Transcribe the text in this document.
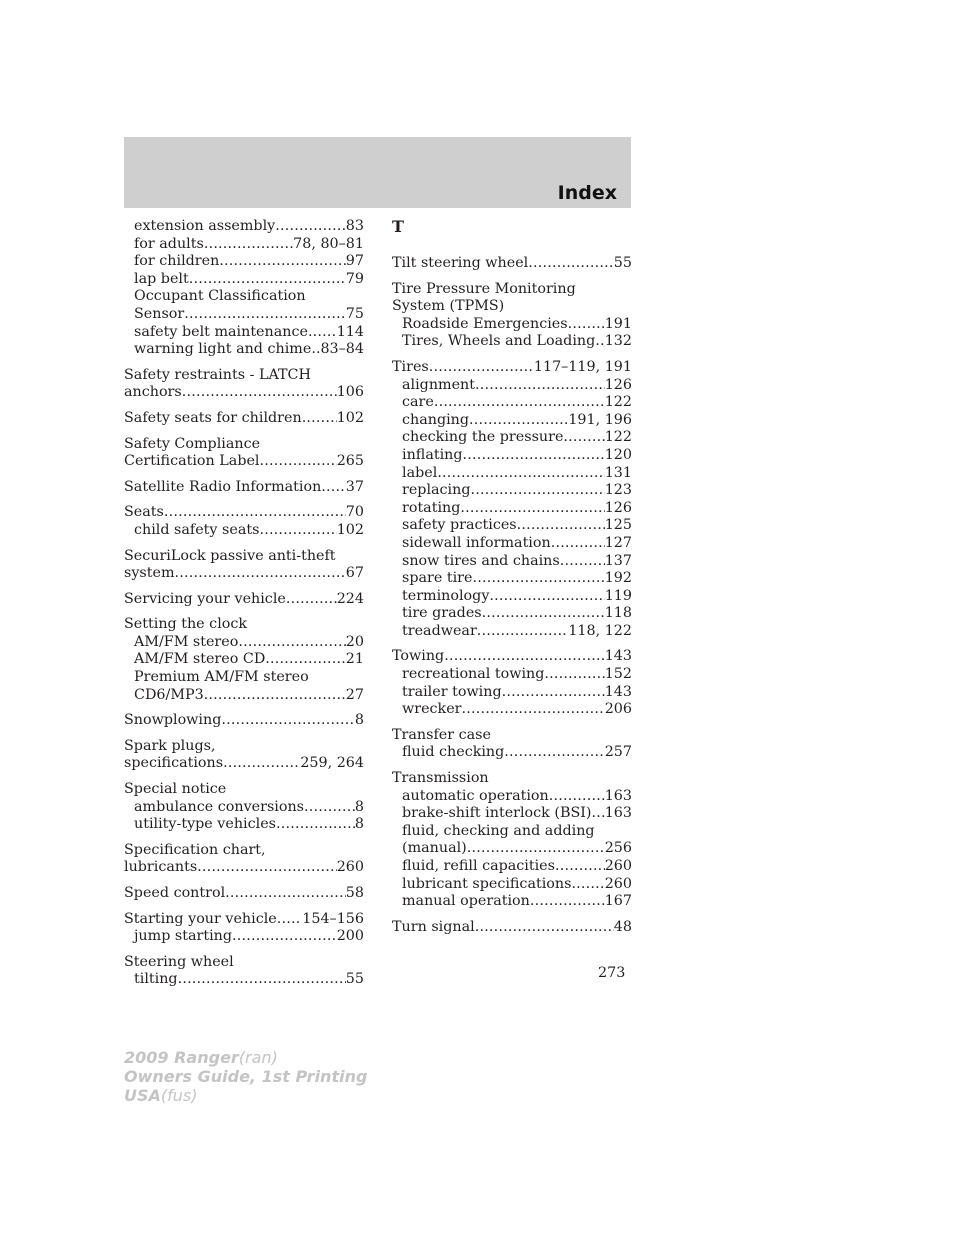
Index
extension assembly .....	83
for adults .....	78, 80–81
for children .....	97
lap belt .....	79
Occupant Classification
Sensor .....	75
safety belt maintenance ..... 114
warning light and chime ..... 83–84
Safety restraints - LATCH
anchors .....	106
Safety seats for children ..... 102
Safety Compliance
Certification Label .....	265
Satellite Radio Information ..... 37
Seats .....	70
child safety seats .....	102
SecuriLock passive anti-theft
system .....	67
Servicing your vehicle .....	224
Setting the clock
AM/FM stereo .....	20
AM/FM stereo CD .....	21
Premium AM/FM stereo
CD6/MP3 .....	27
Snowplowing .....	8
Spark plugs,
specifications .....	259, 264
Special notice
ambulance conversions .....	8
utility-type vehicles .....	8
Specification chart,
lubricants .....	260
Speed control .....	58
Starting your vehicle ..... 154–156
jump starting .....	200
Steering wheel
tilting .....	55
T
Tilt steering wheel .....	55
Tire Pressure Monitoring
System (TPMS)
Roadside Emergencies .....	191
Tires, Wheels and Loading ..... 132
Tires .....	117–119, 191
alignment .....	126
care .....	122
changing .....	191, 196
checking the pressure .....	122
inflating .....	120
label .....	131
replacing .....	123
rotating .....	126
safety practices .....	125
sidewall information .....	127
snow tires and chains .....	137
spare tire .....	192
terminology .....	119
tire grades .....	118
treadwear .....	118, 122
Towing .....	143
recreational towing .....	152
trailer towing .....	143
wrecker .....	206
Transfer case
fluid checking .....	257
Transmission
automatic operation .....	163
brake-shift interlock (BSI) ..... 163
fluid, checking and adding
(manual) .....	256
fluid, refill capacities .....	260
lubricant specifications ..... 260
manual operation .....	167
Turn signal .....	48
273
2009 Ranger(ran)
Owners Guide, 1st Printing
USA(fus)
